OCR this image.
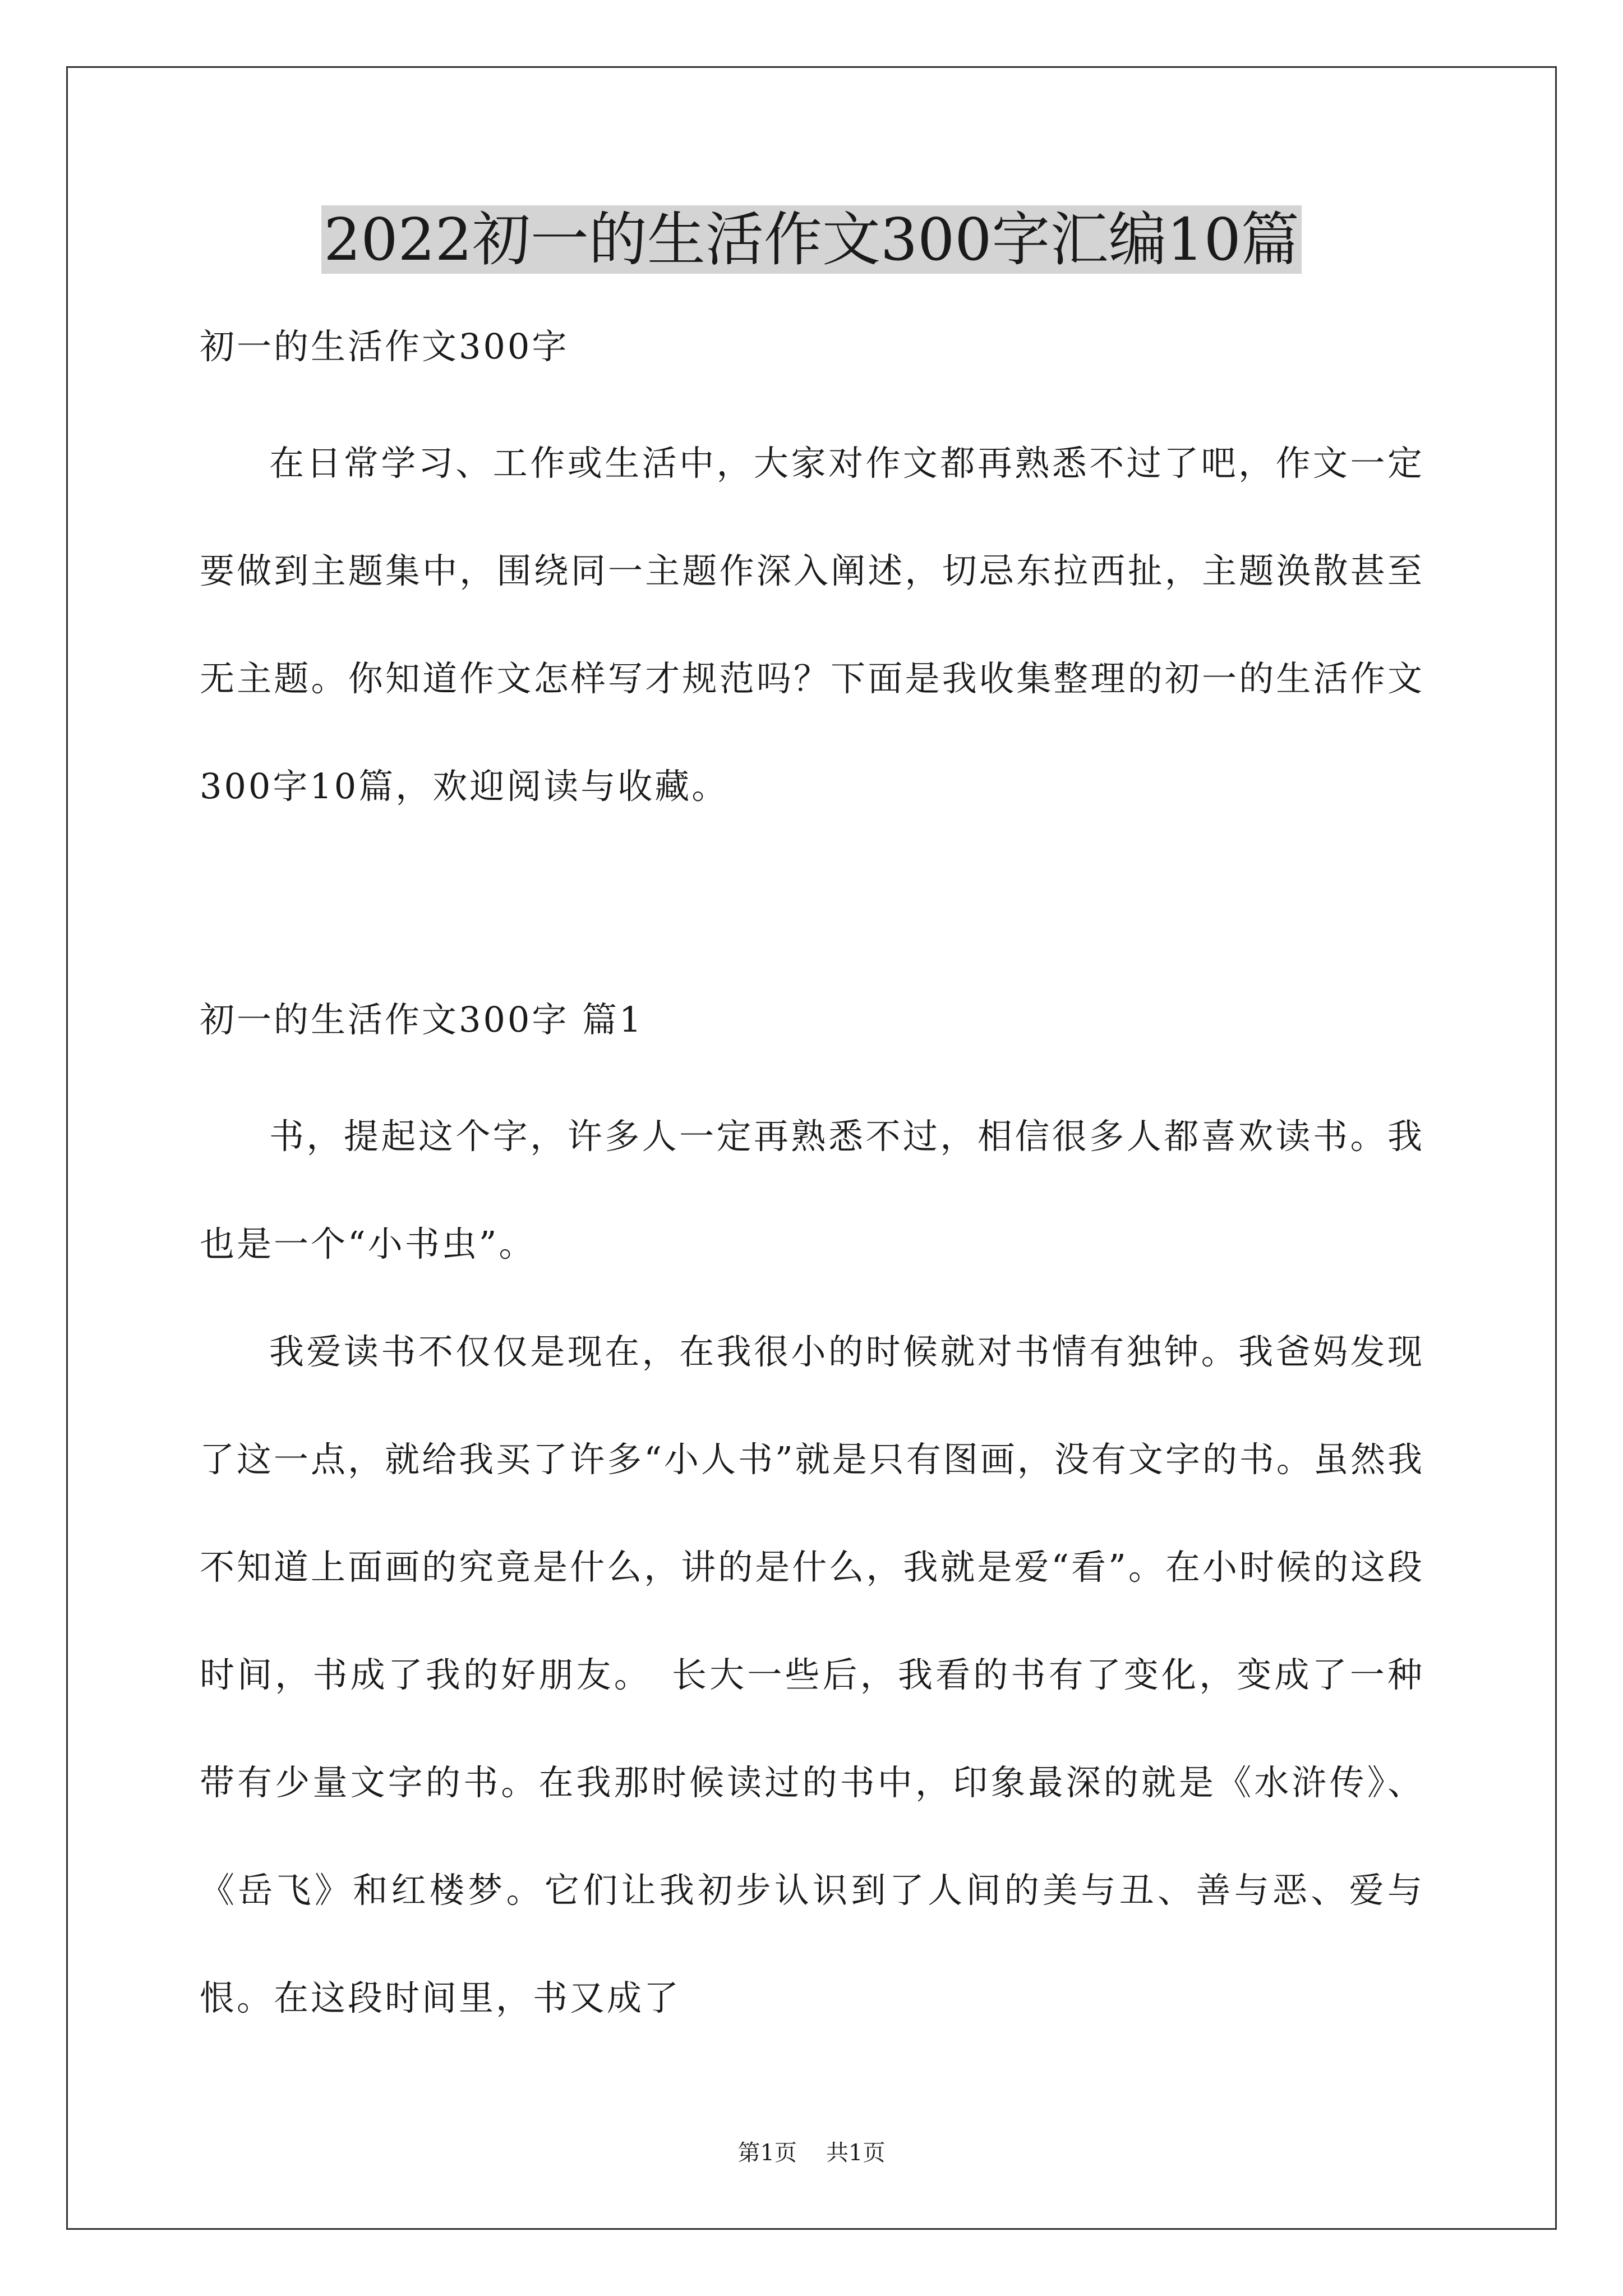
2022初一的生活作文300字汇编10篇

初一的生活作文300字

在日常学习、工作或生活中，大家对作文都再熟悉不过了吧，作文一定要做到主题集中，围绕同一主题作深入阐述，切忌东拉西扯，主题涣散甚至无主题。你知道作文怎样写才规范吗？下面是我收集整理的初一的生活作文300字10篇，欢迎阅读与收藏。

初一的生活作文300字 篇1

书，提起这个字，许多人一定再熟悉不过，相信很多人都喜欢读书。我也是一个“小书虫”。

我爱读书不仅仅是现在，在我很小的时候就对书情有独钟。我爸妈发现了这一点，就给我买了许多“小人书”就是只有图画，没有文字的书。虽然我不知道上面画的究竟是什么，讲的是什么，我就是爱“看”。在小时候的这段时间，书成了我的好朋友。　长大一些后，我看的书有了变化，变成了一种带有少量文字的书。在我那时候读过的书中，印象最深的就是《水浒传》、《岳飞》和红楼梦。它们让我初步认识到了人间的美与丑、善与恶、爱与恨。在这段时间里，书又成了

第1页 共1页
